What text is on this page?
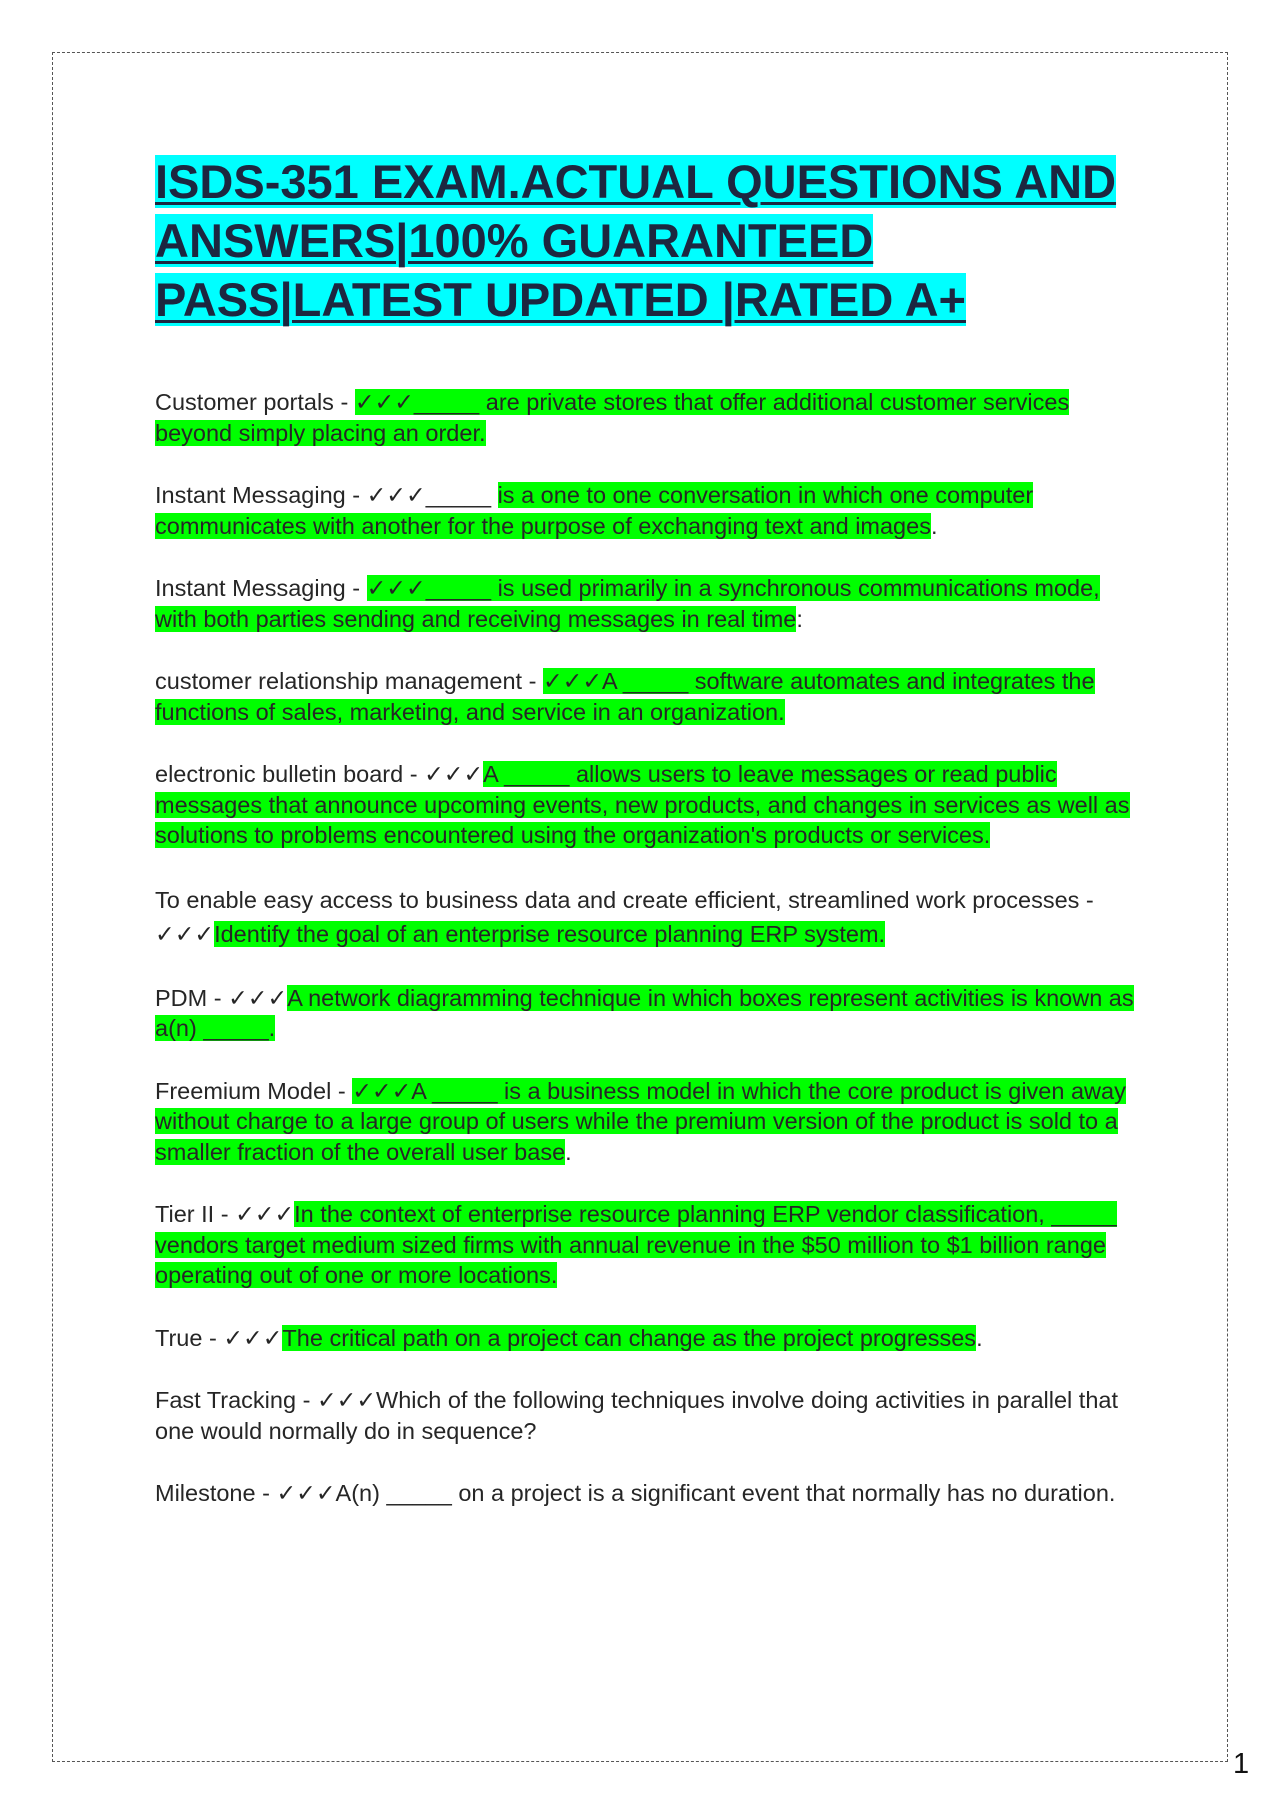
ISDS-351 EXAM.ACTUAL QUESTIONS AND ANSWERS|100% GUARANTEED PASS|LATEST UPDATED |RATED A+

Customer portals - ✓✓✓_____ are private stores that offer additional customer services beyond simply placing an order.

Instant Messaging - ✓✓✓_____ is a one to one conversation in which one computer communicates with another for the purpose of exchanging text and images.

Instant Messaging - ✓✓✓_____ is used primarily in a synchronous communications mode, with both parties sending and receiving messages in real time:

customer relationship management - ✓✓✓A _____ software automates and integrates the functions of sales, marketing, and service in an organization.

electronic bulletin board - ✓✓✓A _____ allows users to leave messages or read public messages that announce upcoming events, new products, and changes in services as well as solutions to problems encountered using the organization's products or services.

To enable easy access to business data and create efficient, streamlined work processes - ✓✓✓Identify the goal of an enterprise resource planning ERP system.

PDM - ✓✓✓A network diagramming technique in which boxes represent activities is known as a(n) _____.

Freemium Model - ✓✓✓A _____ is a business model in which the core product is given away without charge to a large group of users while the premium version of the product is sold to a smaller fraction of the overall user base.

Tier II - ✓✓✓In the context of enterprise resource planning ERP vendor classification, _____ vendors target medium sized firms with annual revenue in the $50 million to $1 billion range operating out of one or more locations.

True - ✓✓✓The critical path on a project can change as the project progresses.

Fast Tracking - ✓✓✓Which of the following techniques involve doing activities in parallel that one would normally do in sequence?

Milestone - ✓✓✓A(n) _____ on a project is a significant event that normally has no duration.

1
